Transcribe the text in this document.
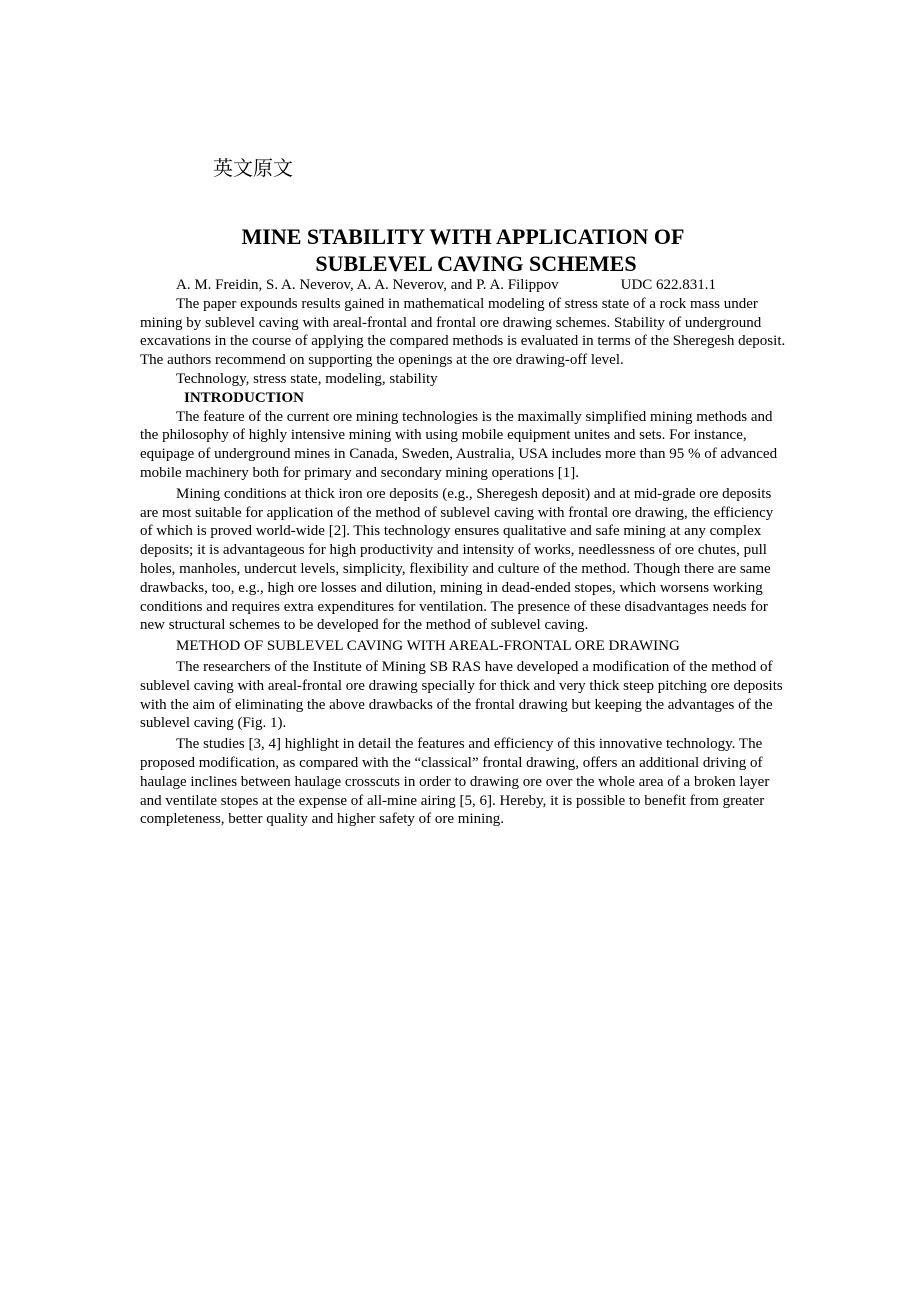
英文原文
MINE STABILITY WITH APPLICATION OF
SUBLEVEL CAVING SCHEMES
A. M. Freidin, S. A. Neverov, A. A. Neverov, and P. A. Filippov	UDC 622.831.1

The paper expounds results gained in mathematical modeling of stress state of a rock mass under mining by sublevel caving with areal-frontal and frontal ore drawing schemes. Stability of underground excavations in the course of applying the compared methods is evaluated in terms of the Sheregesh deposit. The authors recommend on supporting the openings at the ore drawing-off level.

Technology, stress state, modeling, stability
INTRODUCTION

The feature of the current ore mining technologies is the maximally simplified mining methods and the philosophy of highly intensive mining with using mobile equipment unites and sets. For instance, equipage of underground mines in Canada, Sweden, Australia, USA includes more than 95 % of advanced mobile machinery both for primary and secondary mining operations [1].

Mining conditions at thick iron ore deposits (e.g., Sheregesh deposit) and at mid-grade ore deposits are most suitable for application of the method of sublevel caving with frontal ore drawing, the efficiency of which is proved world-wide [2]. This technology ensures qualitative and safe mining at any complex deposits; it is advantageous for high productivity and intensity of works, needlessness of ore chutes, pull holes, manholes, undercut levels, simplicity, flexibility and culture of the method. Though there are same drawbacks, too, e.g., high ore losses and dilution, mining in dead-ended stopes, which worsens working conditions and requires extra expenditures for ventilation. The presence of these disadvantages needs for new structural schemes to be developed for the method of sublevel caving.

METHOD OF SUBLEVEL CAVING WITH AREAL-FRONTAL ORE DRAWING

The researchers of the Institute of Mining SB RAS have developed a modification of the method of sublevel caving with areal-frontal ore drawing specially for thick and very thick steep pitching ore deposits with the aim of eliminating the above drawbacks of the frontal drawing but keeping the advantages of the sublevel caving (Fig. 1).

The studies [3, 4] highlight in detail the features and efficiency of this innovative technology. The proposed modification, as compared with the “classical” frontal drawing, offers an additional driving of haulage inclines between haulage crosscuts in order to drawing ore over the whole area of a broken layer and ventilate stopes at the expense of all-mine airing [5, 6]. Hereby, it is possible to benefit from greater completeness, better quality and higher safety of ore mining.
